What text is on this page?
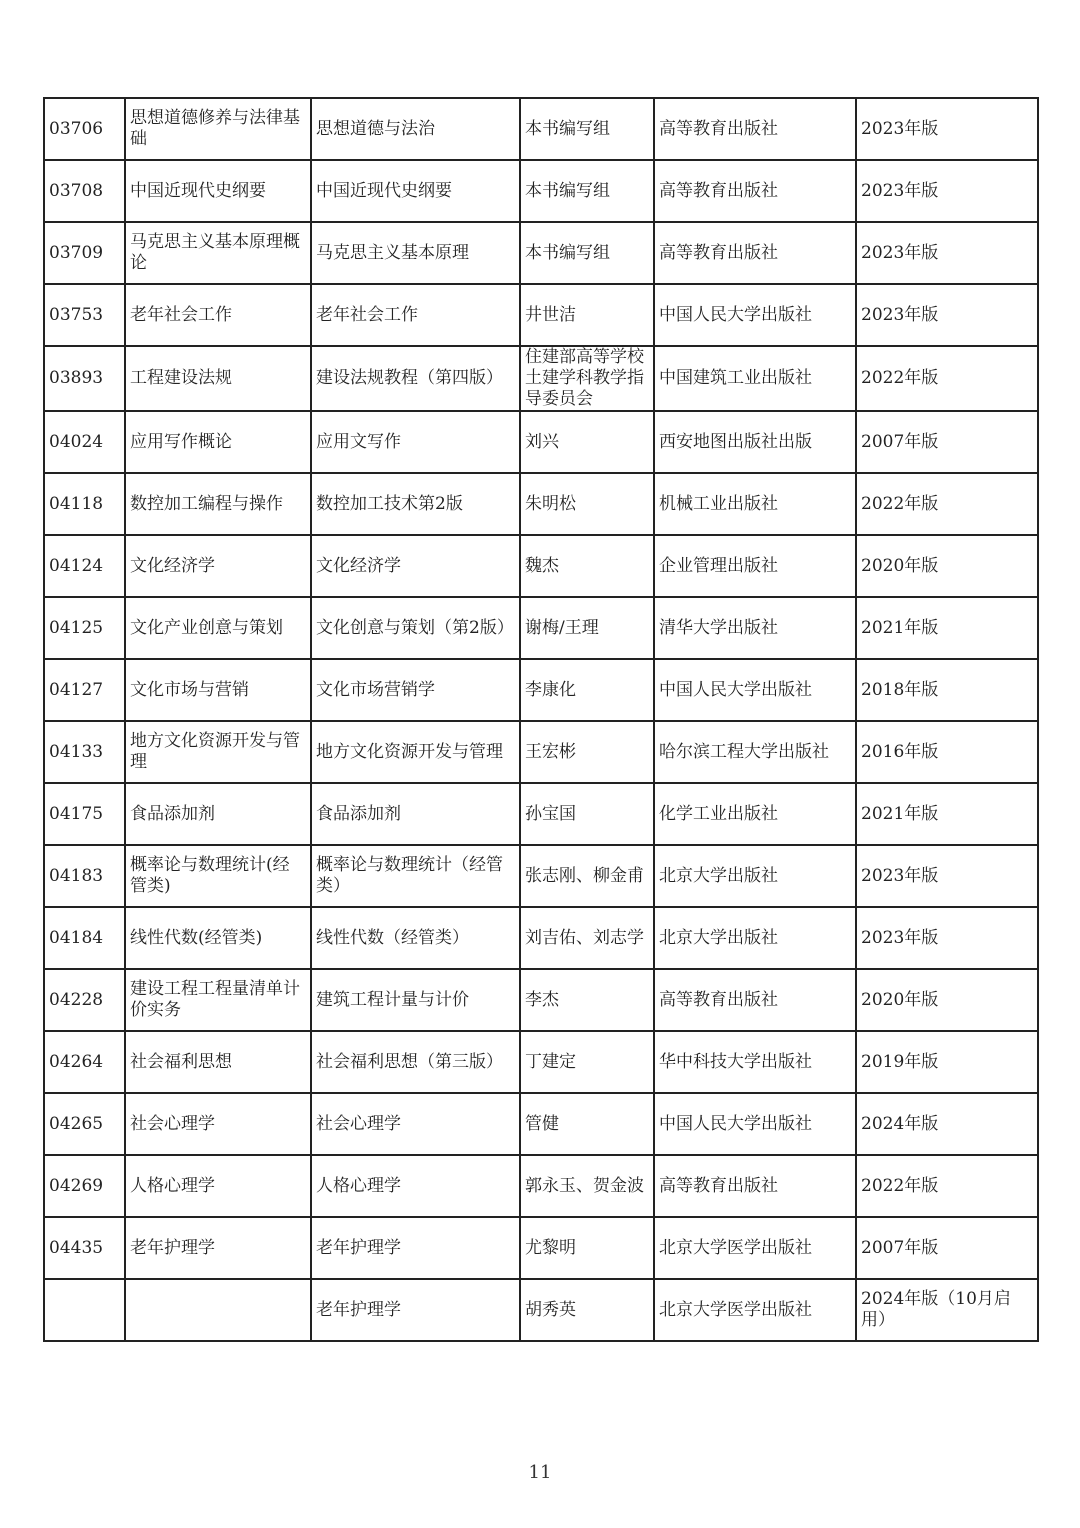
03706	思想道德修养与法律基础	思想道德与法治	本书编写组	高等教育出版社	2023年版
03708	中国近现代史纲要	中国近现代史纲要	本书编写组	高等教育出版社	2023年版
03709	马克思主义基本原理概论	马克思主义基本原理	本书编写组	高等教育出版社	2023年版
03753	老年社会工作	老年社会工作	井世洁	中国人民大学出版社	2023年版
03893	工程建设法规	建设法规教程（第四版）	住建部高等学校土建学科教学指导委员会	中国建筑工业出版社	2022年版
04024	应用写作概论	应用文写作	刘兴	西安地图出版社出版	2007年版
04118	数控加工编程与操作	数控加工技术第2版	朱明松	机械工业出版社	2022年版
04124	文化经济学	文化经济学	魏杰	企业管理出版社	2020年版
04125	文化产业创意与策划	文化创意与策划（第2版）	谢梅/王理	清华大学出版社	2021年版
04127	文化市场与营销	文化市场营销学	李康化	中国人民大学出版社	2018年版
04133	地方文化资源开发与管理	地方文化资源开发与管理	王宏彬	哈尔滨工程大学出版社	2016年版
04175	食品添加剂	食品添加剂	孙宝国	化学工业出版社	2021年版
04183	概率论与数理统计(经管类)	概率论与数理统计（经管类）	张志刚、柳金甫	北京大学出版社	2023年版
04184	线性代数(经管类)	线性代数（经管类）	刘吉佑、刘志学	北京大学出版社	2023年版
04228	建设工程工程量清单计价实务	建筑工程计量与计价	李杰	高等教育出版社	2020年版
04264	社会福利思想	社会福利思想（第三版）	丁建定	华中科技大学出版社	2019年版
04265	社会心理学	社会心理学	管健	中国人民大学出版社	2024年版
04269	人格心理学	人格心理学	郭永玉、贺金波	高等教育出版社	2022年版
04435	老年护理学	老年护理学	尤黎明	北京大学医学出版社	2007年版
		老年护理学	胡秀英	北京大学医学出版社	2024年版（10月启用）
11
